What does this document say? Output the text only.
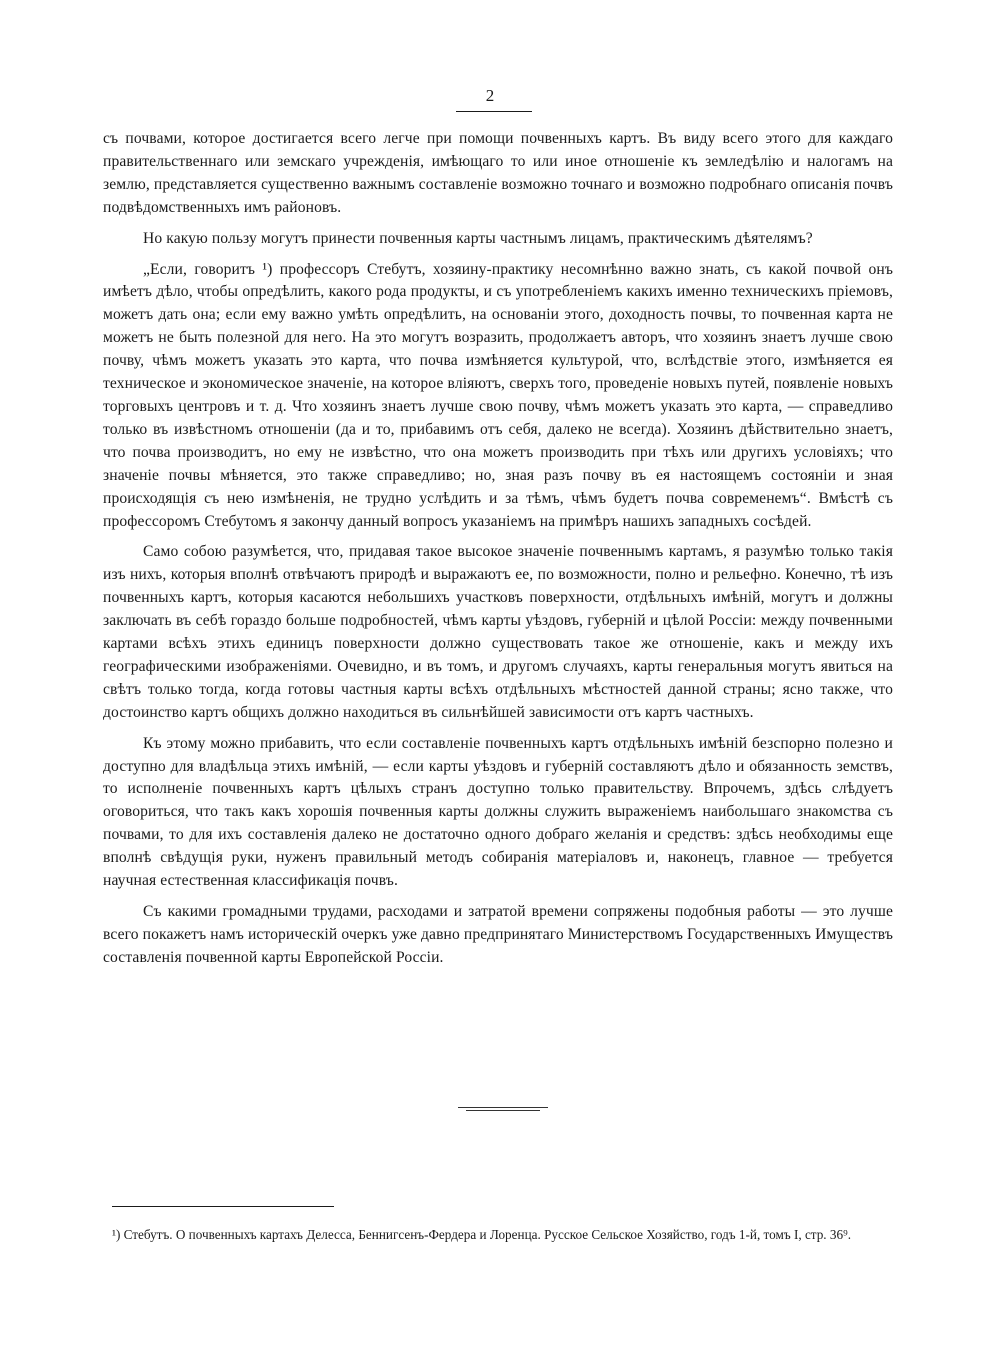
2

съ почвами, которое достигается всего легче при помощи почвенныхъ картъ. Въ виду всего этого для каждаго правительственнаго или земскаго учрежденія, имѣющаго то или иное отношеніе къ земледѣлію и налогамъ на землю, представляется существенно важнымъ составленіе возможно точнаго и возможно подробнаго описанія почвъ подвѣдомственныхъ имъ районовъ.

Но какую пользу могутъ принести почвенныя карты частнымъ лицамъ, практическимъ дѣятелямъ?

„Если, говоритъ ¹) профессоръ Стебутъ, хозяину-практику несомнѣнно важно знать, съ какой почвой онъ имѣетъ дѣло, чтобы опредѣлить, какого рода продукты, и съ употребленіемъ какихъ именно техническихъ пріемовъ, можетъ дать она; если ему важно умѣть опредѣлить, на основаніи этого, доходность почвы, то почвенная карта не можетъ не быть полезной для него. На это могутъ возразить, продолжаетъ авторъ, что хозяинъ знаетъ лучше свою почву, чѣмъ можетъ указать это карта, что почва измѣняется культурой, что, вслѣдствіе этого, измѣняется ея техническое и экономическое значеніе, на которое вліяютъ, сверхъ того, проведеніе новыхъ путей, появленіе новыхъ торговыхъ центровъ и т. д. Что хозяинъ знаетъ лучше свою почву, чѣмъ можетъ указать это карта, — справедливо только въ извѣстномъ отношеніи (да и то, прибавимъ отъ себя, далеко не всегда). Хозяинъ дѣйствительно знаетъ, что почва производитъ, но ему не извѣстно, что она можетъ производить при тѣхъ или другихъ условіяхъ; что значеніе почвы мѣняется, это также справедливо; но, зная разъ почву въ ея настоящемъ состояніи и зная происходящія съ нею измѣненія, не трудно услѣдить и за тѣмъ, чѣмъ будетъ почва современемъ“. Вмѣстѣ съ профессоромъ Стебутомъ я закончу данный вопросъ указаніемъ на примѣръ нашихъ западныхъ сосѣдей.

Само собою разумѣется, что, придавая такое высокое значеніе почвеннымъ картамъ, я разумѣю только такія изъ нихъ, которыя вполнѣ отвѣчаютъ природѣ и выражаютъ ее, по возможности, полно и рельефно. Конечно, тѣ изъ почвенныхъ картъ, которыя касаются небольшихъ участковъ поверхности, отдѣльныхъ имѣній, могутъ и должны заключать въ себѣ гораздо больше подробностей, чѣмъ карты уѣздовъ, губерній и цѣлой Россіи: между почвенными картами всѣхъ этихъ единицъ поверхности должно существовать такое же отношеніе, какъ и между ихъ географическими изображеніями. Очевидно, и въ томъ, и другомъ случаяхъ, карты генеральныя могутъ явиться на свѣтъ только тогда, когда готовы частныя карты всѣхъ отдѣльныхъ мѣстностей данной страны; ясно также, что достоинство картъ общихъ должно находиться въ сильнѣйшей зависимости отъ картъ частныхъ.

Къ этому можно прибавить, что если составленіе почвенныхъ картъ отдѣльныхъ имѣній безспорно полезно и доступно для владѣльца этихъ имѣній, — если карты уѣздовъ и губерній составляютъ дѣло и обязанность земствъ, то исполненіе почвенныхъ картъ цѣлыхъ странъ доступно только правительству. Впрочемъ, здѣсь слѣдуетъ оговориться, что такъ какъ хорошія почвенныя карты должны служить выраженіемъ наибольшаго знакомства съ почвами, то для ихъ составленія далеко не достаточно одного добраго желанія и средствъ: здѣсь необходимы еще вполнѣ свѣдущія руки, нуженъ правильный методъ собиранія матеріаловъ и, наконецъ, главное — требуется научная естественная классификація почвъ.

Съ какими громадными трудами, расходами и затратой времени сопряжены подобныя работы — это лучше всего покажетъ намъ историческій очеркъ уже давно предпринятаго Министерствомъ Государственныхъ Имуществъ составленія почвенной карты Европейской Россіи.

¹) Стебутъ. О почвенныхъ картахъ Делесса, Беннигсенъ-Фердера и Лоренца. Русское Сельское Хозяйство, годъ 1-й, томъ I, стр. 36⁹.
